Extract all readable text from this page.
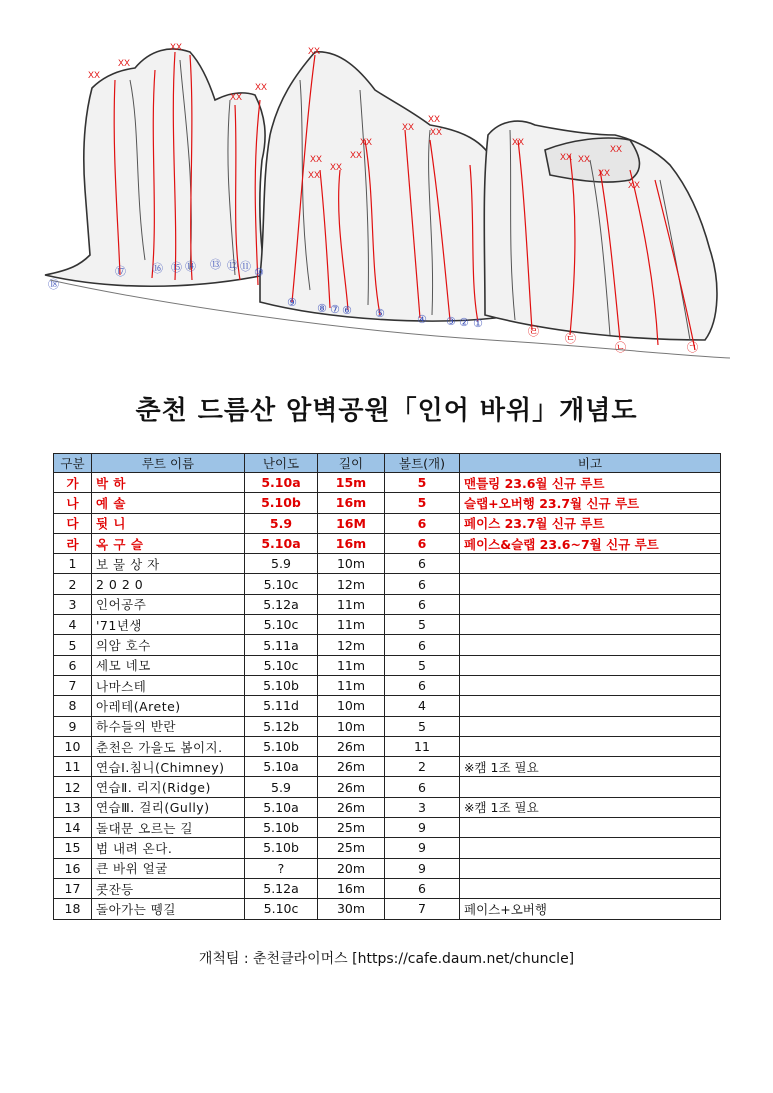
XX
XX
XX
XX
XX
XX
XX
XX
XX
XX
XX
XX XX
XX
XX XX
XX
XX
XX
XX
⑱
⑰ ⑯ ⑮ ⑭ ⑬ ⑫ ⑪ ⑩
⑨ ⑧ ⑦ ⑥ ⑤	④ ③ ② ①
㉣
㉢
㉡	㉠
춘천 드름산 암벽공원「인어 바위」개념도
구분	루트 이름	난이도	길이	볼트(개)	비고
가	박 하	5.10a	15m	5	맨틀링 23.6월 신규 루트
나	예 솔	5.10b	16m	5	슬랩+오버행 23.7월 신규 루트
다	뒷 니	5.9	16M	6	페이스 23.7월 신규 루트
라	옥 구 슬	5.10a	16m	6	페이스&슬랩 23.6~7월 신규 루트
1	보 물 상 자	5.9	10m	6	
2	2 0 2 0	5.10c	12m	6	
3	인어공주	5.12a	11m	6	
4	'71년생	5.10c	11m	5	
5	의암 호수	5.11a	12m	6	
6	세모 네모	5.10c	11m	5	
7	나마스테	5.10b	11m	6	
8	아레테(Arete)	5.11d	10m	4	
9	하수들의 반란	5.12b	10m	5	
10	춘천은 가을도 봄이지.	5.10b	26m	11	
11	연습Ⅰ.침니(Chimney)	5.10a	26m	2	※캠 1조 필요
12	연습Ⅱ. 리지(Ridge)	5.9	26m	6	
13	연습Ⅲ. 걸리(Gully)	5.10a	26m	3	※캠 1조 필요
14	돌대문 오르는 길	5.10b	25m	9	
15	범 내려 온다.	5.10b	25m	9	
16	큰 바위 얼굴	?	20m	9	
17	콧잔등	5.12a	16m	6	
18	돌아가는 뗑길	5.10c	30m	7	페이스+오버행
개척팀 : 춘천클라이머스 [https://cafe.daum.net/chuncle]
